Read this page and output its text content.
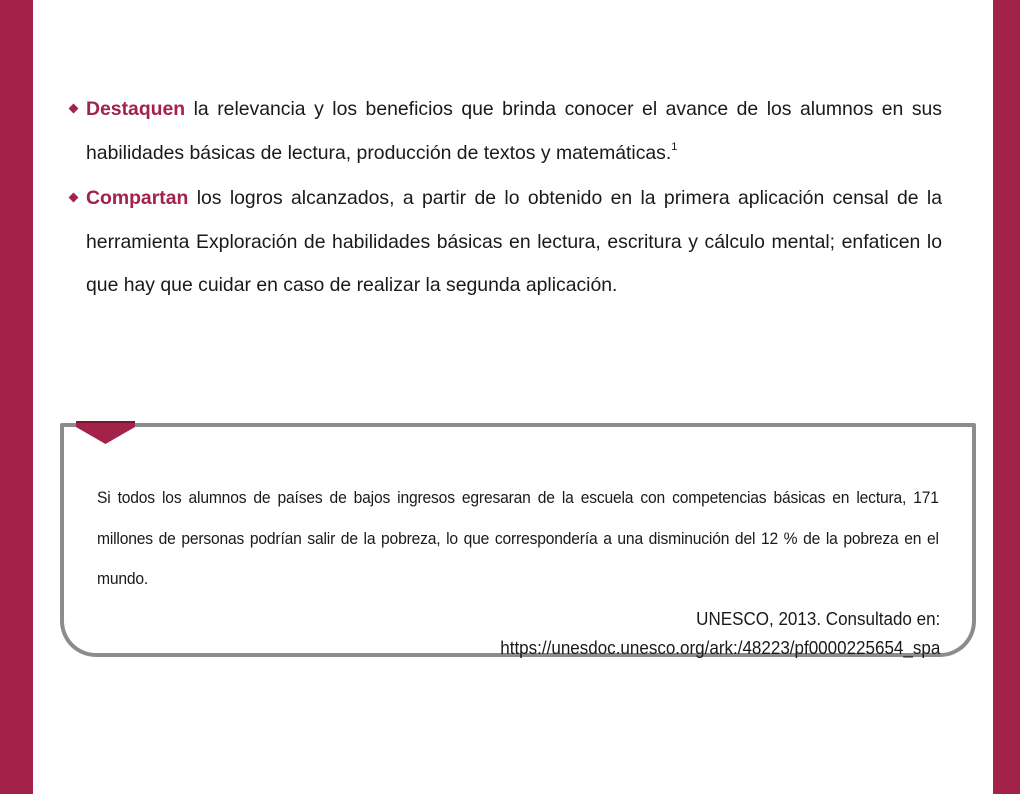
Destaquen la relevancia y los beneficios que brinda conocer el avance de los alumnos en sus habilidades básicas de lectura, producción de textos y matemáticas.$^1$
Compartan los logros alcanzados, a partir de lo obtenido en la primera aplicación censal de la herramienta Exploración de habilidades básicas en lectura, escritura y cálculo mental; enfaticen lo que hay que cuidar en caso de realizar la segunda aplicación.
Si todos los alumnos de países de bajos ingresos egresaran de la escuela con competencias básicas en lectura, 171 millones de personas podrían salir de la pobreza, lo que correspondería a una disminución del 12 % de la pobreza en el mundo.
UNESCO, 2013. Consultado en:
https://unesdoc.unesco.org/ark:/48223/pf0000225654_spa
